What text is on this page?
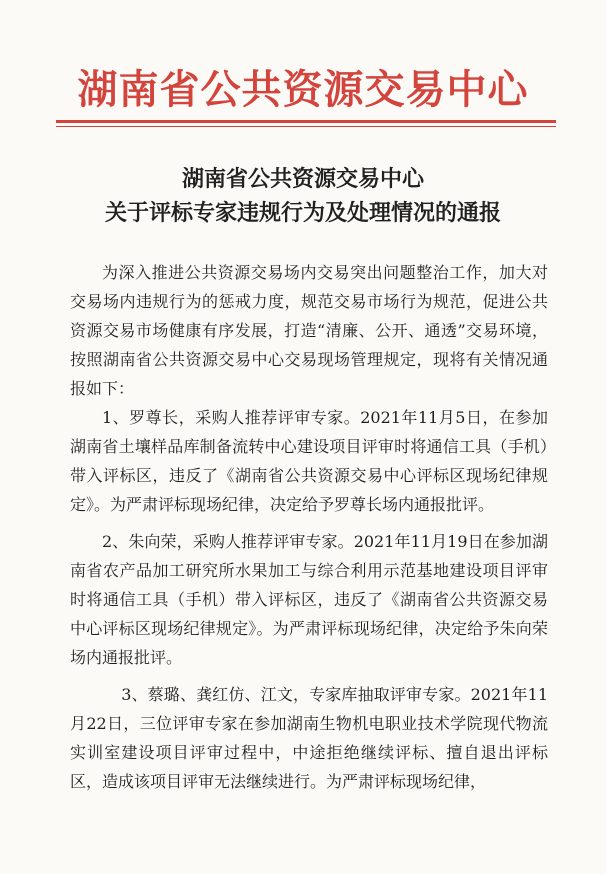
湖南省公共资源交易中心
湖南省公共资源交易中心
关于评标专家违规行为及处理情况的通报

为深入推进公共资源交易场内交易突出问题整治工作，加大对交易场内违规行为的惩戒力度，规范交易市场行为规范，促进公共资源交易市场健康有序发展，打造“清廉、公开、通透”交易环境，按照湖南省公共资源交易中心交易现场管理规定，现将有关情况通报如下：

1、罗尊长，采购人推荐评审专家。2021年11月5日，在参加湖南省土壤样品库制备流转中心建设项目评审时将通信工具（手机）带入评标区，违反了《湖南省公共资源交易中心评标区现场纪律规定》。为严肃评标现场纪律，决定给予罗尊长场内通报批评。

2、朱向荣，采购人推荐评审专家。2021年11月19日在参加湖南省农产品加工研究所水果加工与综合利用示范基地建设项目评审时将通信工具（手机）带入评标区，违反了《湖南省公共资源交易中心评标区现场纪律规定》。为严肃评标现场纪律，决定给予朱向荣场内通报批评。

3、蔡璐、龚红仿、江文，专家库抽取评审专家。2021年11月22日，三位评审专家在参加湖南生物机电职业技术学院现代物流实训室建设项目评审过程中，中途拒绝继续评标、擅自退出评标区，造成该项目评审无法继续进行。为严肃评标现场纪律，
